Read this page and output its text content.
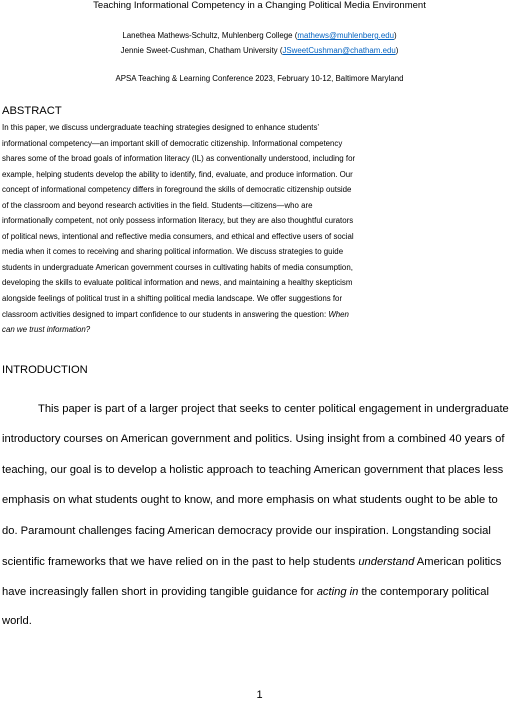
Teaching Informational Competency in a Changing Political Media Environment
Lanethea Mathews-Schultz, Muhlenberg College (mathews@muhlenberg.edu)
Jennie Sweet-Cushman, Chatham University (JSweetCushman@chatham.edu)
APSA Teaching & Learning Conference 2023, February 10-12, Baltimore Maryland
ABSTRACT
In this paper, we discuss undergraduate teaching strategies designed to enhance students’
informational competency—an important skill of democratic citizenship. Informational competency
shares some of the broad goals of information literacy (IL) as conventionally understood, including for
example, helping students develop the ability to identify, find, evaluate, and produce information. Our
concept of informational competency differs in foreground the skills of democratic citizenship outside
of the classroom and beyond research activities in the field. Students—citizens—who are
informationally competent, not only possess information literacy, but they are also thoughtful curators
of political news, intentional and reflective media consumers, and ethical and effective users of social
media when it comes to receiving and sharing political information. We discuss strategies to guide
students in undergraduate American government courses in cultivating habits of media consumption,
developing the skills to evaluate political information and news, and maintaining a healthy skepticism
alongside feelings of political trust in a shifting political media landscape. We offer suggestions for
classroom activities designed to impart confidence to our students in answering the question: When
can we trust information?
INTRODUCTION
This paper is part of a larger project that seeks to center political engagement in undergraduate
introductory courses on American government and politics. Using insight from a combined 40 years of
teaching, our goal is to develop a holistic approach to teaching American government that places less
emphasis on what students ought to know, and more emphasis on what students ought to be able to
do. Paramount challenges facing American democracy provide our inspiration. Longstanding social
scientific frameworks that we have relied on in the past to help students understand American politics
have increasingly fallen short in providing tangible guidance for acting in the contemporary political
world.
1
